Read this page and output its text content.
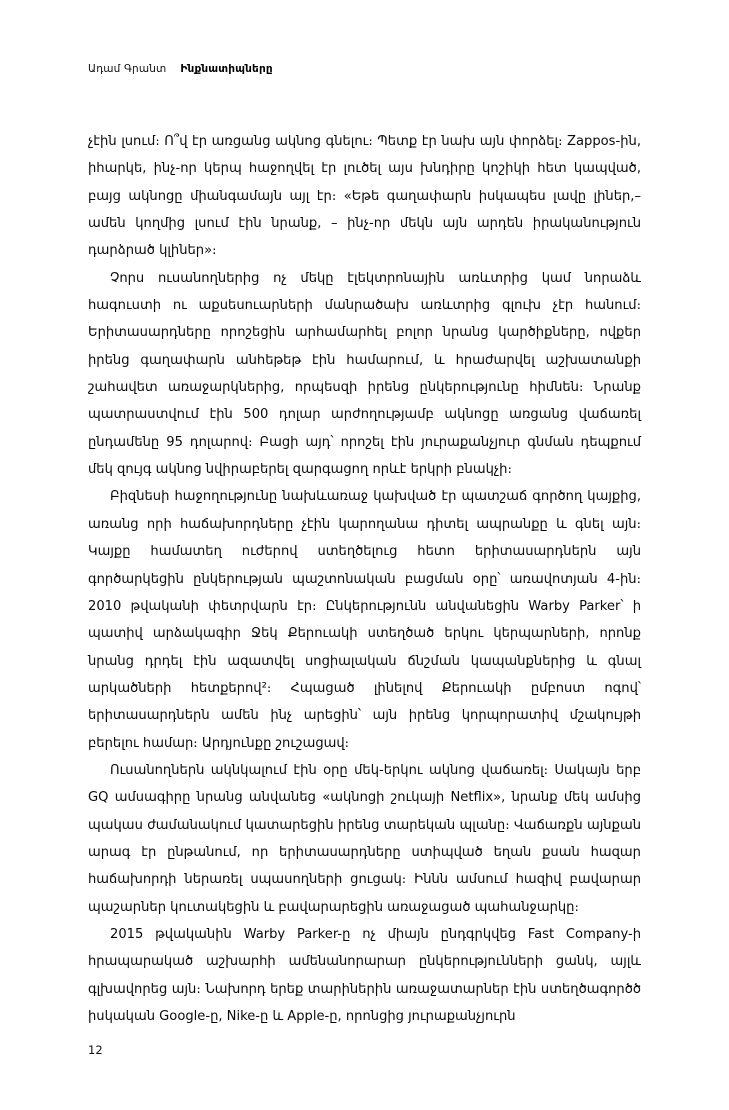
Ադամ Գրանտ Ինքնատիպները

չէին լսում։ Ո՞վ էր առցանց ակնոց գնելու։ Պետք էր նախ այն փորձել։ Zappos-ին, իհարկե, ինչ-որ կերպ հաջողվել էր լուծել այս խնդիրը կոշիկի հետ կապված, բայց ակնոցը միանգամայն այլ էր։ «Եթե գաղափարն իսկապես լավը լիներ,– ամեն կողմից լսում էին նրանք, – ինչ-որ մեկն այն արդեն իրականություն դարձրած կլիներ»։

Չորս ուսանողներից ոչ մեկը էլեկտրոնային առևտրից կամ նորաձև հագուստի ու աքսեսուարների մանրածախ առևտրից գլուխ չէր հանում։ Երիտասարդները որոշեցին արհամարհել բոլոր նրանց կարծիքները, ովքեր իրենց գաղափարն անհեթեթ էին համարում, և հրաժարվել աշխատանքի շահավետ առաջարկներից, որպեսզի իրենց ընկերությունը հիմնեն։ Նրանք պատրաստվում էին 500 դոլար արժողությամբ ակնոցը առցանց վաճառել ընդամենը 95 դոլարով։ Բացի այդ՝ որոշել էին յուրաքանչյուր գնման դեպքում մեկ զույգ ակնոց նվիրաբերել զարգացող որևէ երկրի բնակչի։

Բիզնեսի հաջողությունը նախևառաջ կախված էր պատշաճ գործող կայքից, առանց որի հաճախորդները չէին կարողանա դիտել ապրանքը և գնել այն։ Կայքը համատեղ ուժերով ստեղծելուց հետո երիտասարդներն այն գործարկեցին ընկերության պաշտոնական բացման օրը՝ առավոտյան 4-ին։ 2010 թվականի փետրվարն էր։ Ընկերությունն անվանեցին Warby Parker՝ ի պատիվ արձակագիր Ջեկ Քերուակի ստեղծած երկու կերպարների, որոնք նրանց դրդել էին ազատվել սոցիալական ճնշման կապանքներից և գնալ արկածների հետքերով²։ Հպացած լինելով Քերուակի ըմբոստ ոգով՝ երիտասարդներն ամեն ինչ արեցին՝ այն իրենց կորպորատիվ մշակույթի բերելու համար։ Արդյունքը շուշացավ։

Ուսանողներն ակնկալում էին օրը մեկ-երկու ակնոց վաճառել։ Սակայն երբ GQ ամսագիրը նրանց անվանեց «ակնոցի շուկայի Netflix», նրանք մեկ ամսից պակաս ժամանակում կատարեցին իրենց տարեկան պլանը։ Վաճառքն այնքան արագ էր ընթանում, որ երիտասարդները ստիպված եղան քսան հազար հաճախորդի ներառել սպասողների ցուցակ։ Իննն ամսում հազիվ բավարար պաշարներ կուտակեցին և բավարարեցին առաջացած պահանջարկը։

2015 թվականին Warby Parker-ը ոչ միայն ընդգրկվեց Fast Company-ի հրապարակած աշխարհի ամենանորարար ընկերությունների ցանկ, այլև գլխավորեց այն։ Նախորդ երեք տարիներին առաջատարներ էին ստեղծագործծ իսկական Google-ը, Nike-ը և Apple-ը, որոնցից յուրաքանչյուրն

12
